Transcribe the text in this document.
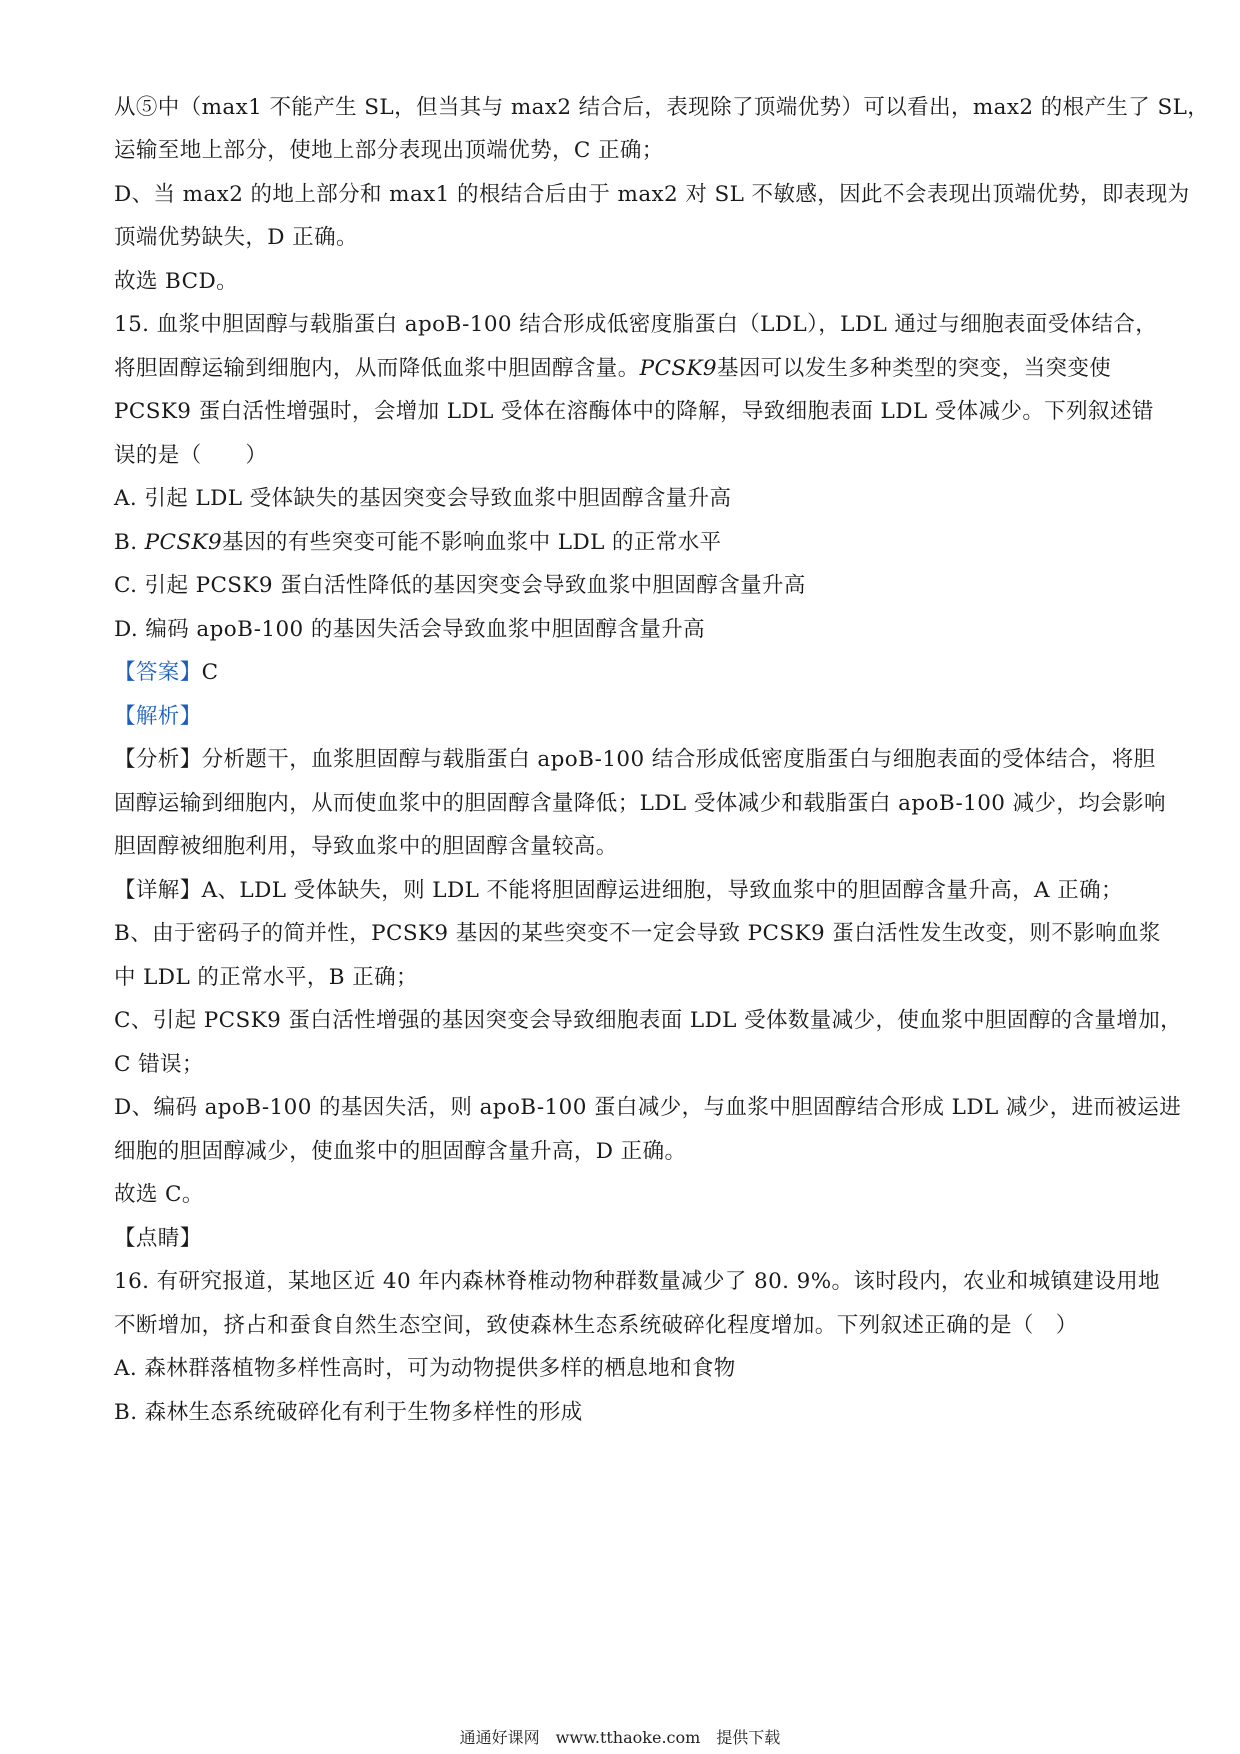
从⑤中（max1 不能产生 SL，但当其与 max2 结合后，表现除了顶端优势）可以看出，max2 的根产生了 SL，
运输至地上部分，使地上部分表现出顶端优势，C 正确；
D、当 max2 的地上部分和 max1 的根结合后由于 max2 对 SL 不敏感，因此不会表现出顶端优势，即表现为
顶端优势缺失，D 正确。
故选 BCD。
15. 血浆中胆固醇与载脂蛋白 apoB-100 结合形成低密度脂蛋白（LDL），LDL 通过与细胞表面受体结合，
将胆固醇运输到细胞内，从而降低血浆中胆固醇含量。PCSK9基因可以发生多种类型的突变，当突变使
PCSK9 蛋白活性增强时，会增加 LDL 受体在溶酶体中的降解，导致细胞表面 LDL 受体减少。下列叙述错
误的是（　　）
A. 引起 LDL 受体缺失的基因突变会导致血浆中胆固醇含量升高
B. PCSK9基因的有些突变可能不影响血浆中 LDL 的正常水平
C. 引起 PCSK9 蛋白活性降低的基因突变会导致血浆中胆固醇含量升高
D. 编码 apoB-100 的基因失活会导致血浆中胆固醇含量升高
【答案】C
【解析】
【分析】分析题干，血浆胆固醇与载脂蛋白 apoB-100 结合形成低密度脂蛋白与细胞表面的受体结合，将胆
固醇运输到细胞内，从而使血浆中的胆固醇含量降低；LDL 受体减少和载脂蛋白 apoB-100 减少，均会影响
胆固醇被细胞利用，导致血浆中的胆固醇含量较高。
【详解】A、LDL 受体缺失，则 LDL 不能将胆固醇运进细胞，导致血浆中的胆固醇含量升高，A 正确；
B、由于密码子的简并性，PCSK9 基因的某些突变不一定会导致 PCSK9 蛋白活性发生改变，则不影响血浆
中 LDL 的正常水平，B 正确；
C、引起 PCSK9 蛋白活性增强的基因突变会导致细胞表面 LDL 受体数量减少，使血浆中胆固醇的含量增加，
C 错误；
D、编码 apoB-100 的基因失活，则 apoB-100 蛋白减少，与血浆中胆固醇结合形成 LDL 减少，进而被运进
细胞的胆固醇减少，使血浆中的胆固醇含量升高，D 正确。
故选 C。
【点睛】
16. 有研究报道，某地区近 40 年内森林脊椎动物种群数量减少了 80. 9%。该时段内，农业和城镇建设用地
不断增加，挤占和蚕食自然生态空间，致使森林生态系统破碎化程度增加。下列叙述正确的是（　）
A. 森林群落植物多样性高时，可为动物提供多样的栖息地和食物
B. 森林生态系统破碎化有利于生物多样性的形成
通通好课网　www.tthaoke.com　提供下载
